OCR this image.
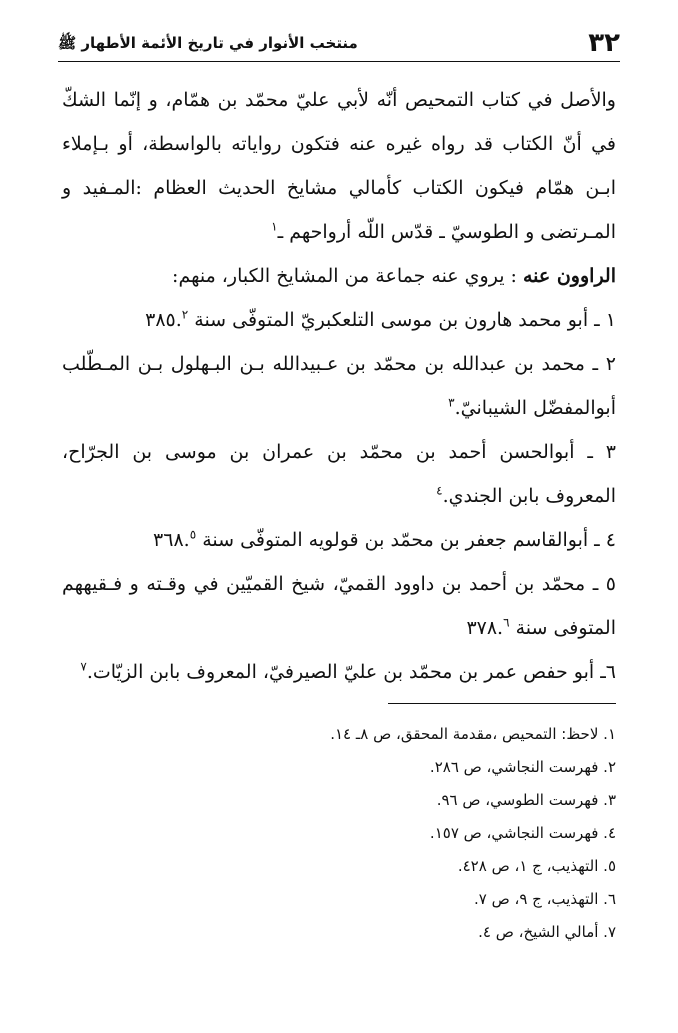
٣٢
منتخب الأنوار في تاريخ الأئمة الأطهار ﷺ

والأصل في كتاب التمحيص أنّه لأبي عليّ محمّد بن همّام، و إنّما الشكّ في أنّ الكتاب قد رواه غيره عنه فتكون رواياته بالواسطة، أو بـإملاء ابـن همّام فيكون الكتاب كأمالي مشايخ الحديث العظام :المـفيد و المـرتضى و الطوسيّ ـ قدّس اللّه أرواحهم ـ$^١$

الراوون عنه : يروي عنه جماعة من المشايخ الكبار، منهم:

١ ـ أبو محمد هارون بن موسى التلعكبريّ المتوفّى سنة ٣٨٥.$^٢$

٢ ـ محمد بن عبدالله بن محمّد بن عـبيدالله بـن البـهلول بـن المـطّلب أبوالمفضّل الشيبانيّ.$^٣$

٣ ـ أبوالحسن أحمد بن محمّد بن عمران بن موسى بن الجرّاح، المعروف بابن الجندي.$^٤$

٤ ـ أبوالقاسم جعفر بن محمّد بن قولويه المتوفّى سنة ٣٦٨.$^٥$

٥ ـ محمّد بن أحمد بن داوود القميّ، شيخ القميّين في وقـته و فـقيههم المتوفى سنة ٣٧٨.$^٦$

٦ـ أبو حفص عمر بن محمّد بن عليّ الصيرفيّ، المعروف بابن الزيّات.$^٧$

١. لاحظ: التمحيص ،مقدمة المحقق، ص ٨ـ ١٤.

٢. فهرست النجاشي، ص ٢٨٦.

٣. فهرست الطوسي، ص ٩٦.

٤. فهرست النجاشي، ص ١٥٧.

٥. التهذيب، ج ١، ص ٤٢٨.

٦. التهذيب، ج ٩، ص ٧.

٧. أمالي الشيخ، ص ٤.
